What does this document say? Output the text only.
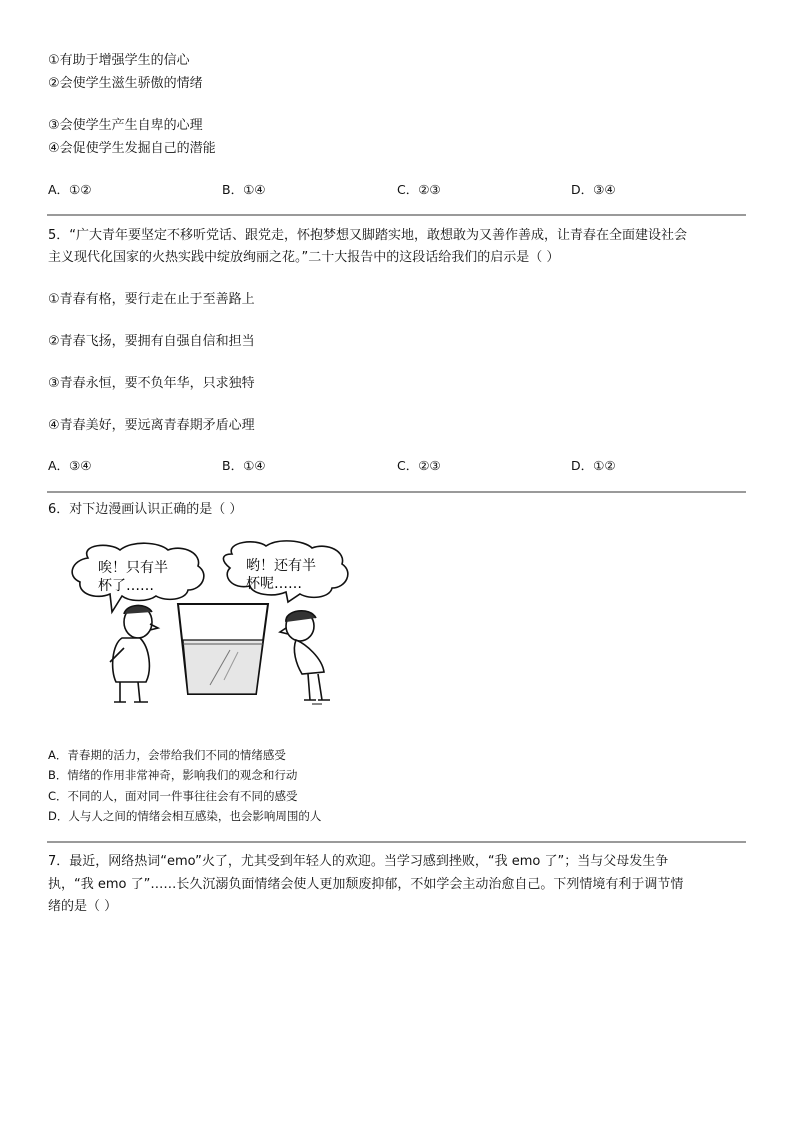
①有助于增强学生的信心
②会使学生滋生骄傲的情绪
③会使学生产生自卑的心理
④会促使学生发掘自己的潜能
A．①②	B．①④	C．②③	D．③④
5．“广大青年要坚定不移听党话、跟党走，怀抱梦想又脚踏实地，敢想敢为又善作善成，让青春在全面建设社会
主义现代化国家的火热实践中绽放绚丽之花。”二十大报告中的这段话给我们的启示是（ ）
①青春有格，要行走在止于至善路上
②青春飞扬，要拥有自强自信和担当
③青春永恒，要不负年华，只求独特
④青春美好，要远离青春期矛盾心理
A．③④	B．①④	C．②③	D．①②
6．对下边漫画认识正确的是（ ）
唉！只有半
杯了……
哟！还有半
杯呢……
A．青春期的活力，会带给我们不同的情绪感受
B．情绪的作用非常神奇，影响我们的观念和行动
C．不同的人，面对同一件事往往会有不同的感受
D．人与人之间的情绪会相互感染，也会影响周围的人
7．最近，网络热词“emo”火了，尤其受到年轻人的欢迎。当学习感到挫败，“我 emo 了”；当与父母发生争
执，“我 emo 了”……长久沉溺负面情绪会使人更加颓废抑郁，不如学会主动治愈自己。下列情境有利于调节情
绪的是（ ）
